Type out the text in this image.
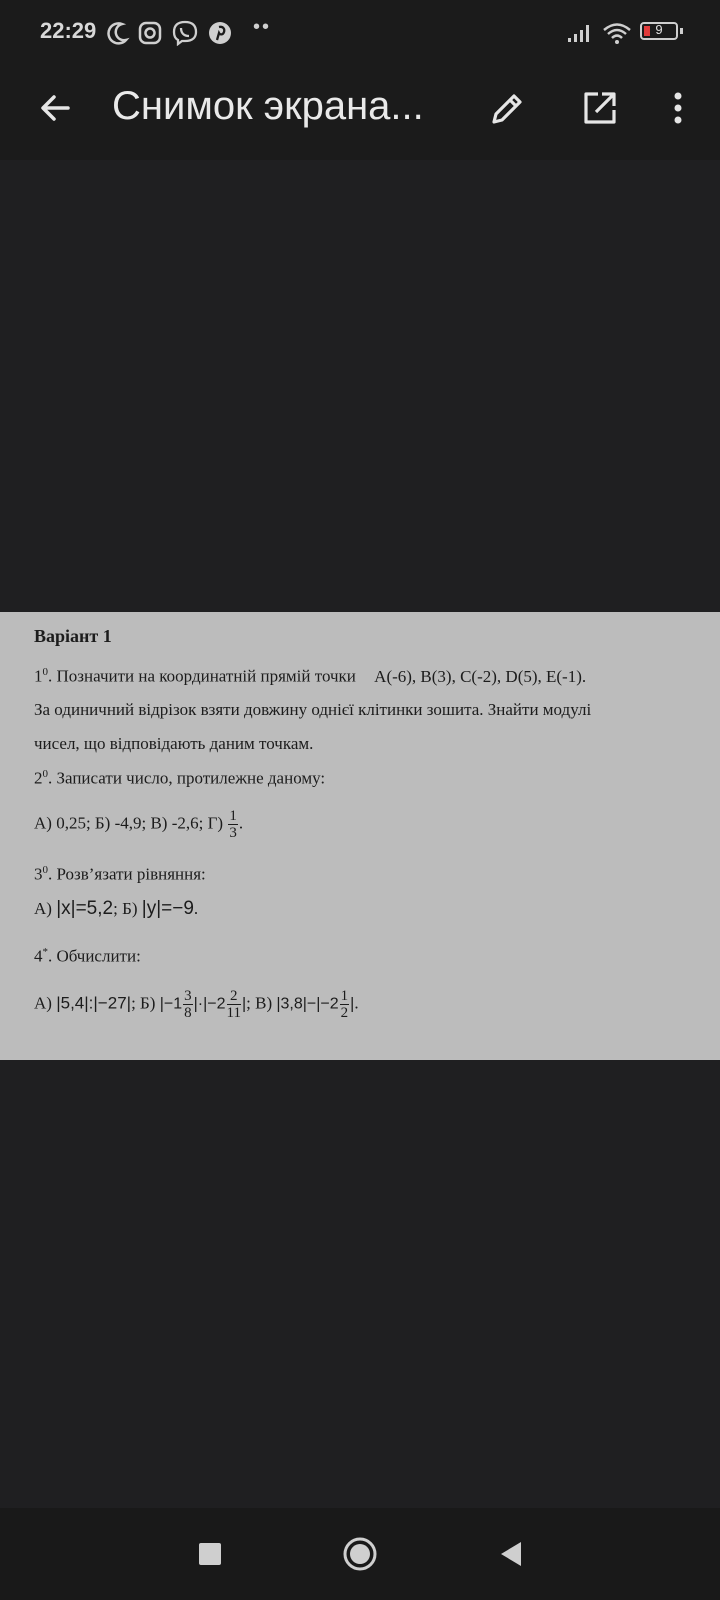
22:29	••	9
Снимок экрана...
Варіант 1
$1^0$. Позначити на координатній прямій точки A(-6), B(3), C(-2), D(5), E(-1).
За одиничний відрізок взяти довжину однієї клітинки зошита. Знайти модулі
чисел, що відповідають даним точкам.
$2^0$. Записати число, протилежне даному:
А) 0,25; Б) -4,9; В) -2,6; $Г) \frac{1}{3}$ .
$3^0$. Розв’язати рівняння:
А) |x|=5,2; Б) |y|=−9.
4*. Обчислити:
А) |5,4|:|−27|; Б) $|-1 \frac{3}{8} |\cdot|-2 \frac{2}{11}$ |; В) $|3,8|-|-2 \frac{1}{2}$ |.
